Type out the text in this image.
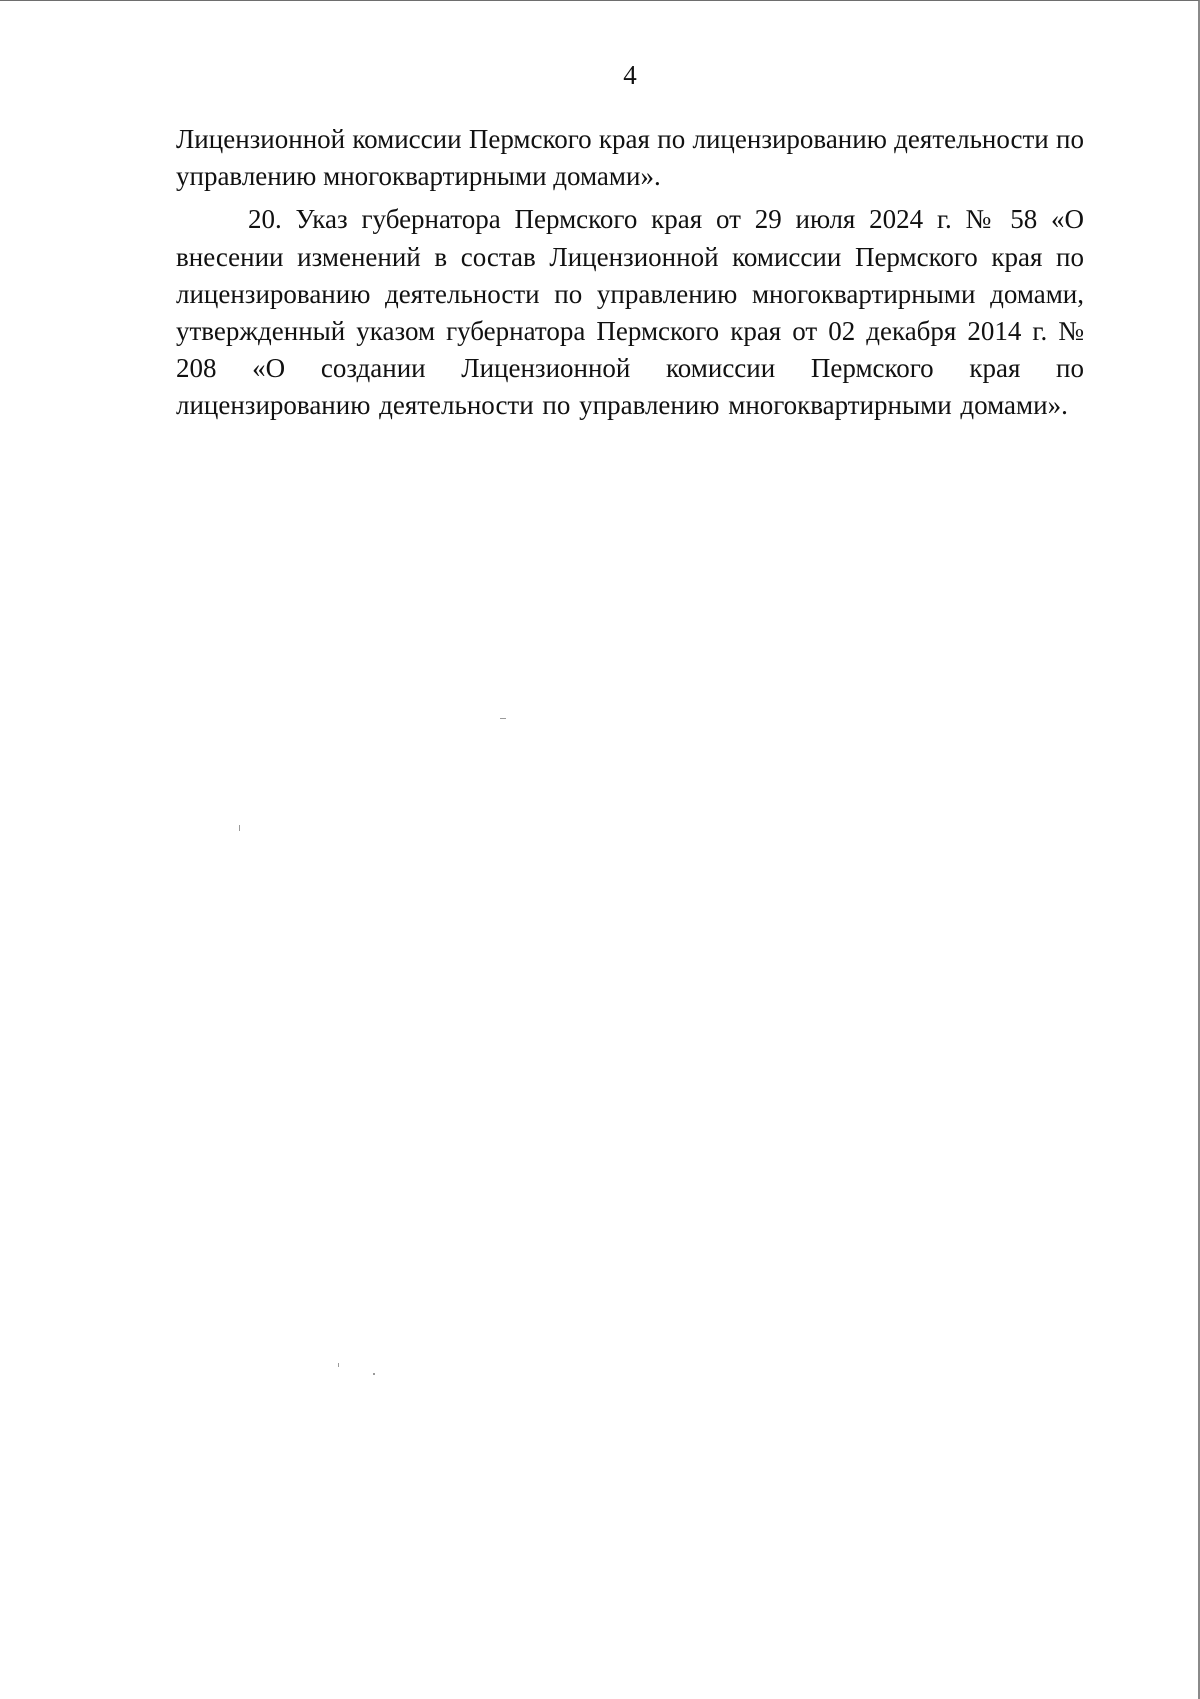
4

Лицензионной комиссии Пермского края по лицензированию деятельности по управлению многоквартирными домами».

20. Указ губернатора Пермского края от 29 июля 2024 г. № 58 «О внесении изменений в состав Лицензионной комиссии Пермского края по лицензированию деятельности по управлению многоквартирными домами, утвержденный указом губернатора Пермского края от 02 декабря 2014 г. № 208 «О создании Лицензионной комиссии Пермского края по лицензированию деятельности по управлению многоквартирными домами».
